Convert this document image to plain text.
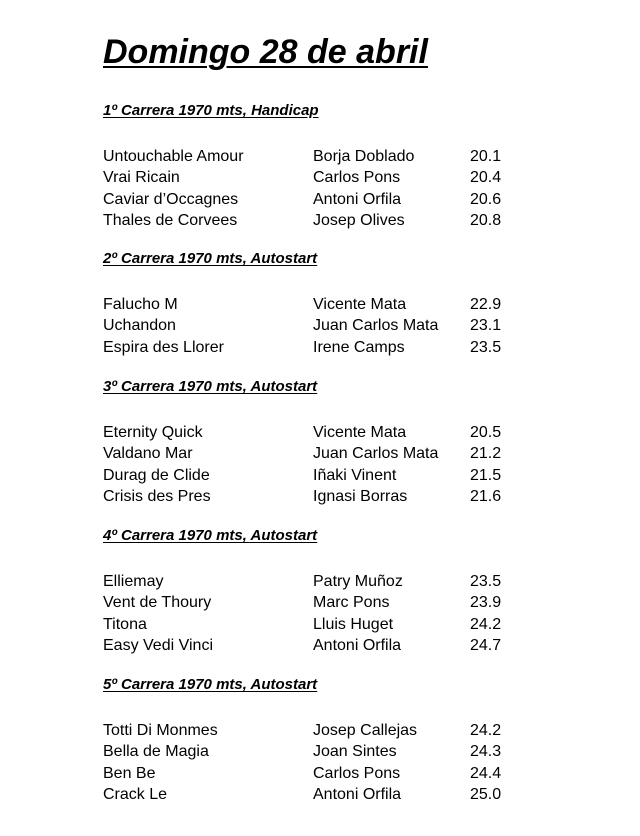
Domingo 28 de abril
1º Carrera 1970 mts, Handicap
Untouchable Amour	Borja Doblado	20.1
Vrai Ricain	Carlos Pons	20.4
Caviar d’Occagnes	Antoni Orfila	20.6
Thales de Corvees	Josep Olives	20.8
2º Carrera 1970 mts, Autostart
Falucho M	Vicente Mata	22.9
Uchandon	Juan Carlos Mata	23.1
Espira des Llorer	Irene Camps	23.5
3º Carrera 1970 mts, Autostart
Eternity Quick	Vicente Mata	20.5
Valdano Mar	Juan Carlos Mata	21.2
Durag de Clide	Iñaki Vinent	21.5
Crisis des Pres	Ignasi Borras	21.6
4º Carrera 1970 mts, Autostart
Elliemay	Patry Muñoz	23.5
Vent de Thoury	Marc Pons	23.9
Titona	Lluis Huget	24.2
Easy Vedi Vinci	Antoni Orfila	24.7
5º Carrera 1970 mts, Autostart
Totti Di Monmes	Josep Callejas	24.2
Bella de Magia	Joan Sintes	24.3
Ben Be	Carlos Pons	24.4
Crack Le	Antoni Orfila	25.0
